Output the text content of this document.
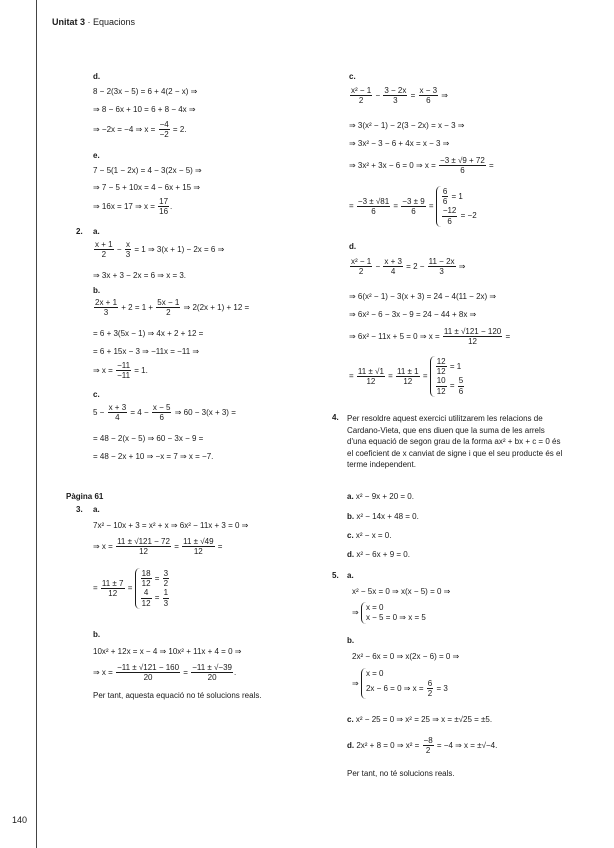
Unitat 3 · Equacions
140
d.
8 − 2(3x − 5) = 6 + 4(2 − x) ⇒
⇒ 8 − 6x + 10 = 6 + 8 − 4x ⇒
⇒ −2x = −4 ⇒ $x = \frac{-4}{-2} = 2$.
e.
7 − 5(1 − 2x) = 4 − 3(2x − 5) ⇒
⇒ 7 − 5 + 10x = 4 − 6x + 15 ⇒
⇒ 16x = 17 ⇒ $x = \frac{17}{16}$ .
2. a.
$\frac{x + 1}{2} - \frac{x}{3} = 1$ ⇒ 3(x + 1) − 2x = 6 ⇒
⇒ 3x + 3 − 2x = 6 ⇒ x = 3.
b.
$\frac{2x + 1}{3} + 2 = 1 + \frac{5x - 1}{2}$ ⇒ 2(2x + 1) + 12 =
= 6 + 3(5x − 1) ⇒ 4x + 2 + 12 =
= 6 + 15x − 3 ⇒ −11x = −11 ⇒
⇒ $x = \frac{-11}{-11} = 1$.
c.
$5 - \frac{x + 3}{4} = 4 - \frac{x - 5}{6}$ ⇒ 60 − 3(x + 3) =
= 48 − 2(x − 5) ⇒ 60 − 3x − 9 =
= 48 − 2x + 10 ⇒ −x = 7 ⇒ x = −7.
Pàgina 61
3. a.
7x² − 10x + 3 = x² + x ⇒ 6x² − 11x + 3 = 0 ⇒
⇒ $x = \frac{11 \pm √121 - 72}{12} = \frac{11 \pm √49}{12}$ =
= $\frac{11 \pm 7}{12} = \frac{18}{12} = \frac{3}{2}$
$\frac{4}{12} = \frac{1}{3}$
b.
10x² + 12x = x − 4 ⇒ 10x² + 11x + 4 = 0 ⇒
⇒ $x = \frac{-11 \pm √121 - 160}{20} = \frac{-11 \pm √-39}{20}$ .
Per tant, aquesta equació no té solucions reals.
c.
$\frac{\text{x² − 1}}{2} - \frac{3 - 2x}{3} = \frac{x - 3}{6}$ ⇒
⇒ 3(x² − 1) − 2(3 − 2x) = x − 3 ⇒
⇒ 3x² − 3 − 6 + 4x = x − 3 ⇒
⇒ 3x² + 3x − 6 = 0 ⇒ $x = \frac{-3 \pm √9 + 72}{6}$ =
= $\frac{-3 \pm √81}{6} = \frac{-3 \pm 9}{6} = \frac{6}{6} = 1$
$\frac{-12}{6} = -2$
d.
$\frac{\text{x² − 1}}{2} - \frac{x + 3}{4} = 2 - \frac{11 - 2x}{3}$ ⇒
⇒ 6(x² − 1) − 3(x + 3) = 24 − 4(11 − 2x) ⇒
⇒ 6x² − 6 − 3x − 9 = 24 − 44 + 8x ⇒
⇒ 6x² − 11x + 5 = 0 ⇒ $x = \frac{11 \pm √121 - 120}{12}$ =
= $\frac{11 \pm √1}{12} = \frac{11 \pm 1}{12} = \frac{12}{12} = 1$
$\frac{10}{12} = \frac{5}{6}$
4. Per resoldre aquest exercici utilitzarem les relacions de Cardano-Vieta, que ens diuen que la suma de les arrels d'una equació de segon grau de la forma ax² + bx + c = 0 és el coeficient de x canviat de signe i que el seu producte és el terme independent.
a. x² − 9x + 20 = 0.
b. x² − 14x + 48 = 0.
c. x² − x = 0.
d. x² − 6x + 9 = 0.
5. a.
x² − 5x = 0 ⇒ x(x − 5) = 0 ⇒
⇒
x = 0
x − 5 = 0 ⇒ x = 5
b.
2x² − 6x = 0 ⇒ x(2x − 6) = 0 ⇒
⇒
x = 0
2x − 6 = 0 ⇒ $x = \frac{6}{2} = 3$
c. x² − 25 = 0 ⇒ x² = 25 ⇒ x = ±√25 = ±5.
d. 2x² + 8 = 0 ⇒ $x^2 = \frac{-8}{2} = -4$ ⇒ x = ±√−4.
Per tant, no té solucions reals.
